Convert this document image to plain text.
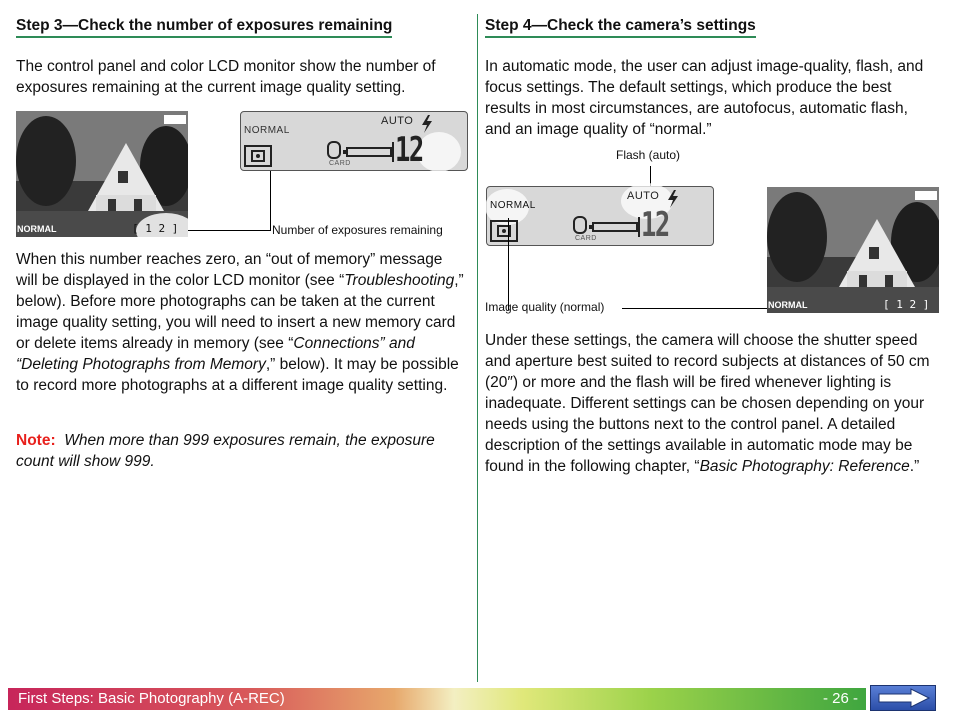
Step 3—Check the number of exposures remaining

The control panel and color LCD monitor show the number of exposures remaining at the current image quality setting.

NORMAL	[ 1 2 ]
NORMAL
AUTO
CARD 12
Number of exposures remaining

When this number reaches zero, an “out of memory” message will be displayed in the color LCD monitor (see “Troubleshooting,” below). Before more photographs can be taken at the current image quality setting, you will need to insert a new memory card or delete items already in memory (see “Connections” and “Deleting Photographs from Memory,” below). It may be possible to record more photographs at a different image quality setting.

Note: When more than 999 exposures remain, the exposure count will show 999.

Step 4—Check the camera’s settings

In automatic mode, the user can adjust image-quality, flash, and focus settings. The default settings, which produce the best results in most circumstances, are autofocus, automatic flash, and an image quality of “normal.”

Flash (auto)
NORMAL
AUTO
CARD 12
Image quality (normal)	NORMAL	[ 1 2 ]

Under these settings, the camera will choose the shutter speed and aperture best suited to record subjects at distances of 50 cm (20″) or more and the flash will be fired whenever lighting is inadequate. Different settings can be chosen depending on your needs using the buttons next to the control panel. A detailed description of the settings available in automatic mode may be found in the following chapter, “Basic Photography: Reference.”

First Steps: Basic Photography (A-REC)	- 26 -
